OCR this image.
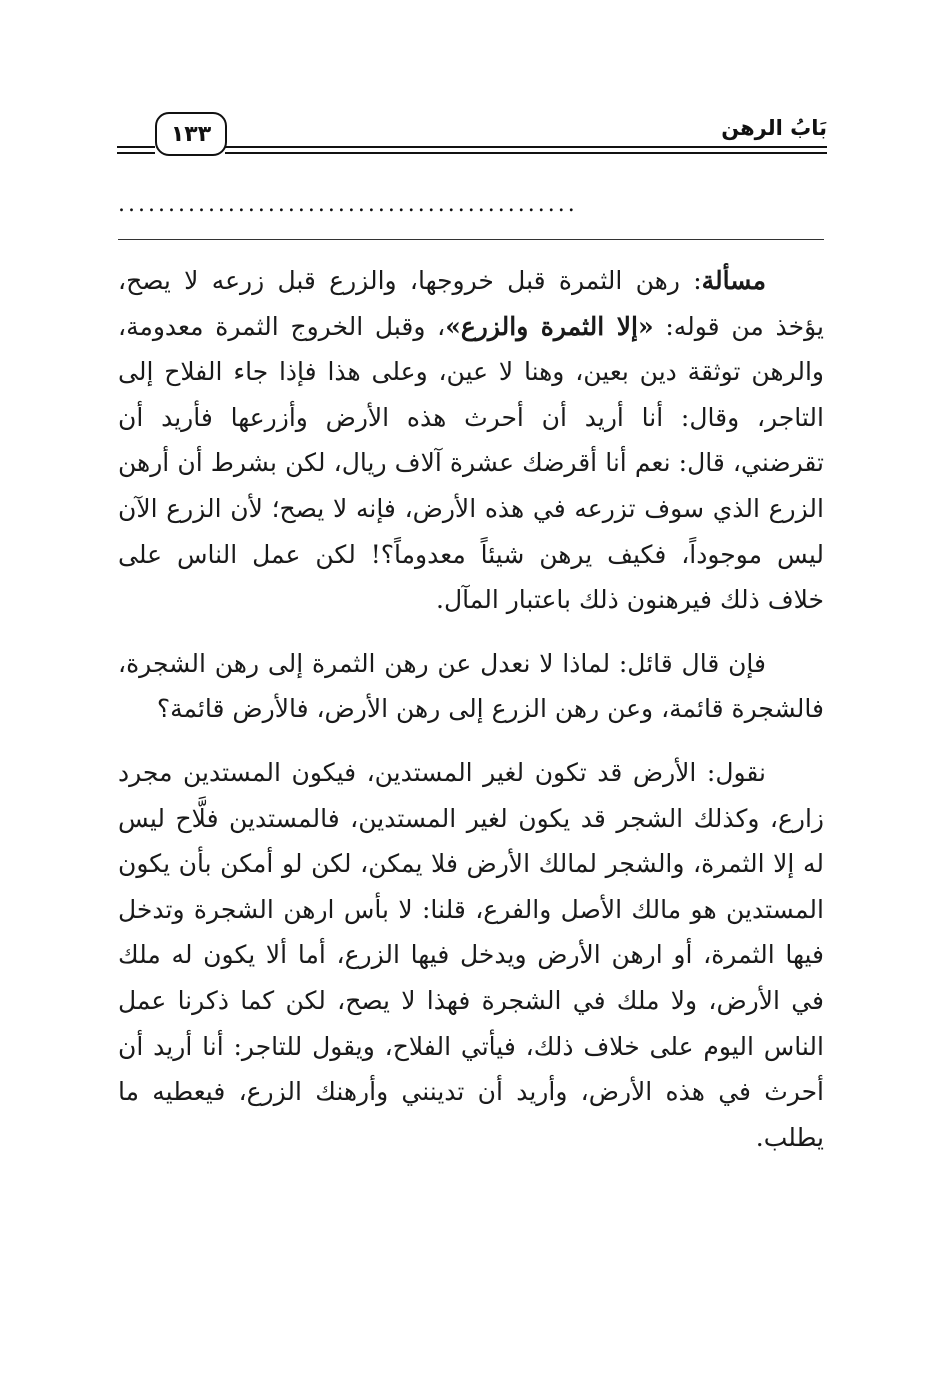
١٣٣	بَابُ الرهن
..............................................

مسألة: رهن الثمرة قبل خروجها، والزرع قبل زرعه لا يصح، يؤخذ من قوله: «إلا الثمرة والزرع»، وقبل الخروج الثمرة معدومة، والرهن توثقة دين بعين، وهنا لا عين، وعلى هذا فإذا جاء الفلاح إلى التاجر، وقال: أنا أريد أن أحرث هذه الأرض وأزرعها فأريد أن تقرضني، قال: نعم أنا أقرضك عشرة آلاف ريال، لكن بشرط أن أرهن الزرع الذي سوف تزرعه في هذه الأرض، فإنه لا يصح؛ لأن الزرع الآن ليس موجوداً، فكيف يرهن شيئاً معدوماً؟! لكن عمل الناس على خلاف ذلك فيرهنون ذلك باعتبار المآل.

فإن قال قائل: لماذا لا نعدل عن رهن الثمرة إلى رهن الشجرة، فالشجرة قائمة، وعن رهن الزرع إلى رهن الأرض، فالأرض قائمة؟

نقول: الأرض قد تكون لغير المستدين، فيكون المستدين مجرد زارع، وكذلك الشجر قد يكون لغير المستدين، فالمستدين فلَّاح ليس له إلا الثمرة، والشجر لمالك الأرض فلا يمكن، لكن لو أمكن بأن يكون المستدين هو مالك الأصل والفرع، قلنا: لا بأس ارهن الشجرة وتدخل فيها الثمرة، أو ارهن الأرض ويدخل فيها الزرع، أما ألا يكون له ملك في الأرض، ولا ملك في الشجرة فهذا لا يصح، لكن كما ذكرنا عمل الناس اليوم على خلاف ذلك، فيأتي الفلاح، ويقول للتاجر: أنا أريد أن أحرث في هذه الأرض، وأريد أن تدينني وأرهنك الزرع، فيعطيه ما يطلب.
